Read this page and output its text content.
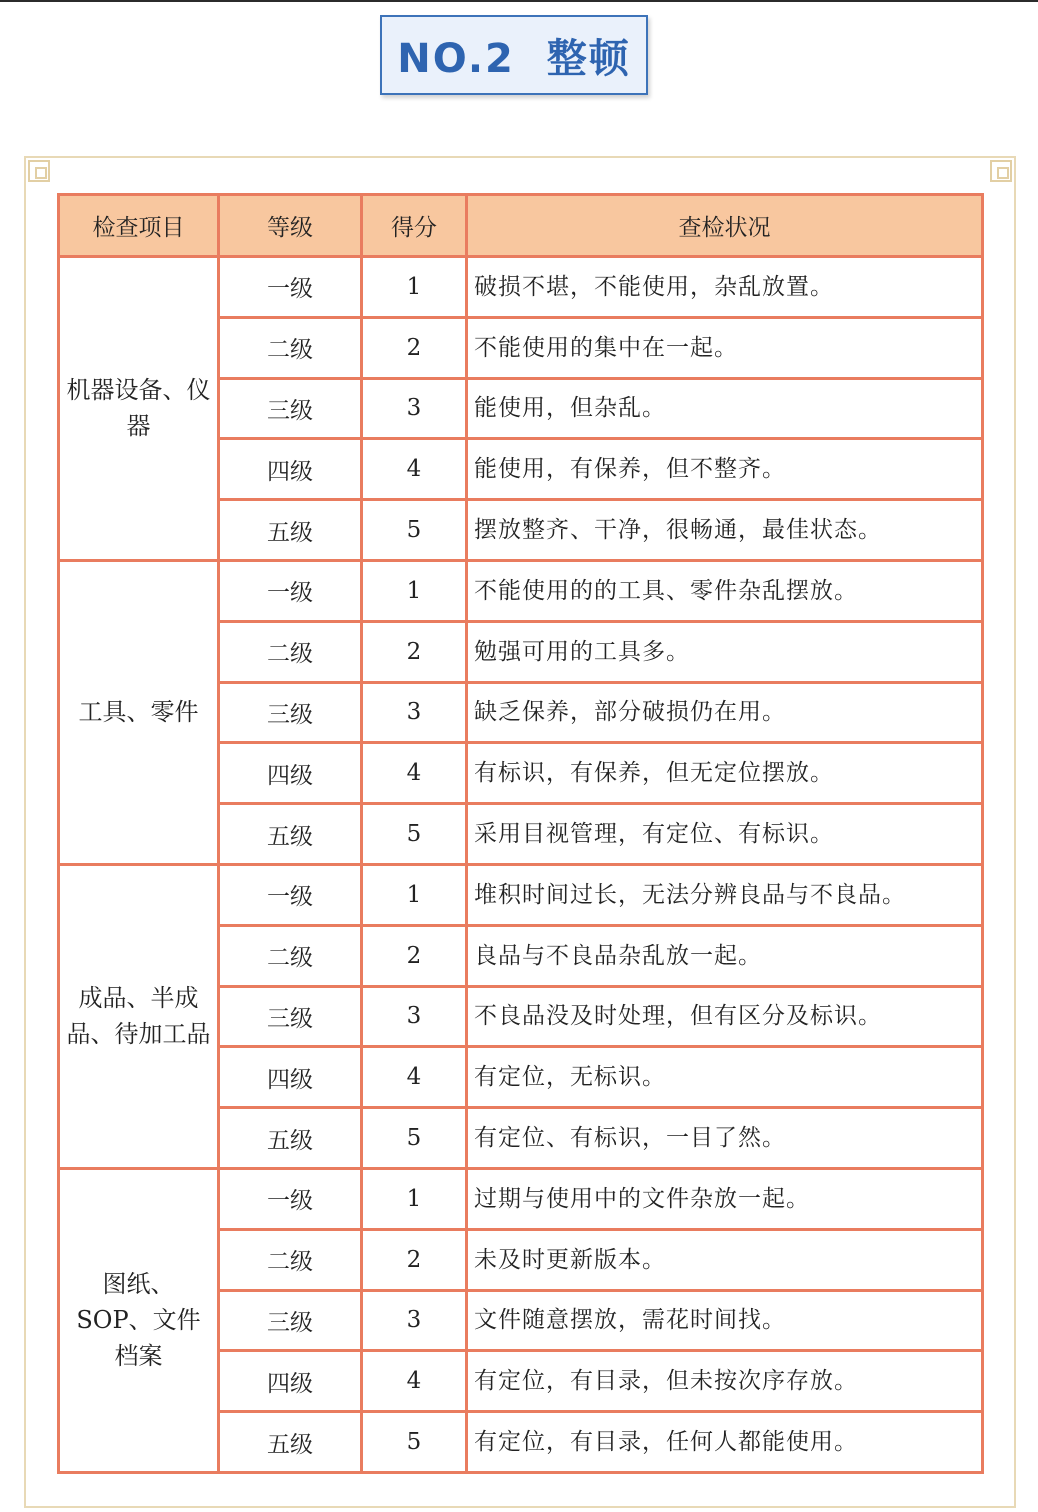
NO.2  整顿
检查项目	等级	得分	查检状况
机器设备、仪器	一级	1	破损不堪，不能使用，杂乱放置。
	二级	2	不能使用的集中在一起。
	三级	3	能使用，但杂乱。
	四级	4	能使用，有保养，但不整齐。
	五级	5	摆放整齐、干净，很畅通，最佳状态。
工具、零件	一级	1	不能使用的的工具、零件杂乱摆放。
	二级	2	勉强可用的工具多。
	三级	3	缺乏保养，部分破损仍在用。
	四级	4	有标识，有保养，但无定位摆放。
	五级	5	采用目视管理，有定位、有标识。
成品、半成品、待加工品	一级	1	堆积时间过长，无法分辨良品与不良品。
	二级	2	良品与不良品杂乱放一起。
	三级	3	不良品没及时处理，但有区分及标识。
	四级	4	有定位，无标识。
	五级	5	有定位、有标识，一目了然。
图纸、SOP、文件档案	一级	1	过期与使用中的文件杂放一起。
	二级	2	未及时更新版本。
	三级	3	文件随意摆放，需花时间找。
	四级	4	有定位，有目录，但未按次序存放。
	五级	5	有定位，有目录，任何人都能使用。
